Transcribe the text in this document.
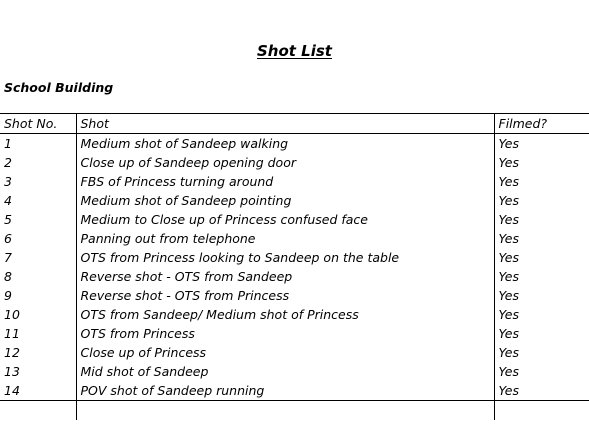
Shot List
School Building
Shot No.	Shot	Filmed?
1	Medium shot of Sandeep walking	Yes
2	Close up of Sandeep opening door	Yes
3	FBS of Princess turning around	Yes
4	Medium shot of Sandeep pointing	Yes
5	Medium to Close up of Princess confused face	Yes
6	Panning out from telephone	Yes
7	OTS from Princess looking to Sandeep on the table	Yes
8	Reverse shot - OTS from Sandeep	Yes
9	Reverse shot - OTS from Princess	Yes
10	OTS from Sandeep/ Medium shot of Princess	Yes
11	OTS from Princess	Yes
12	Close up of Princess	Yes
13	Mid shot of Sandeep	Yes
14	POV shot of Sandeep running	Yes
